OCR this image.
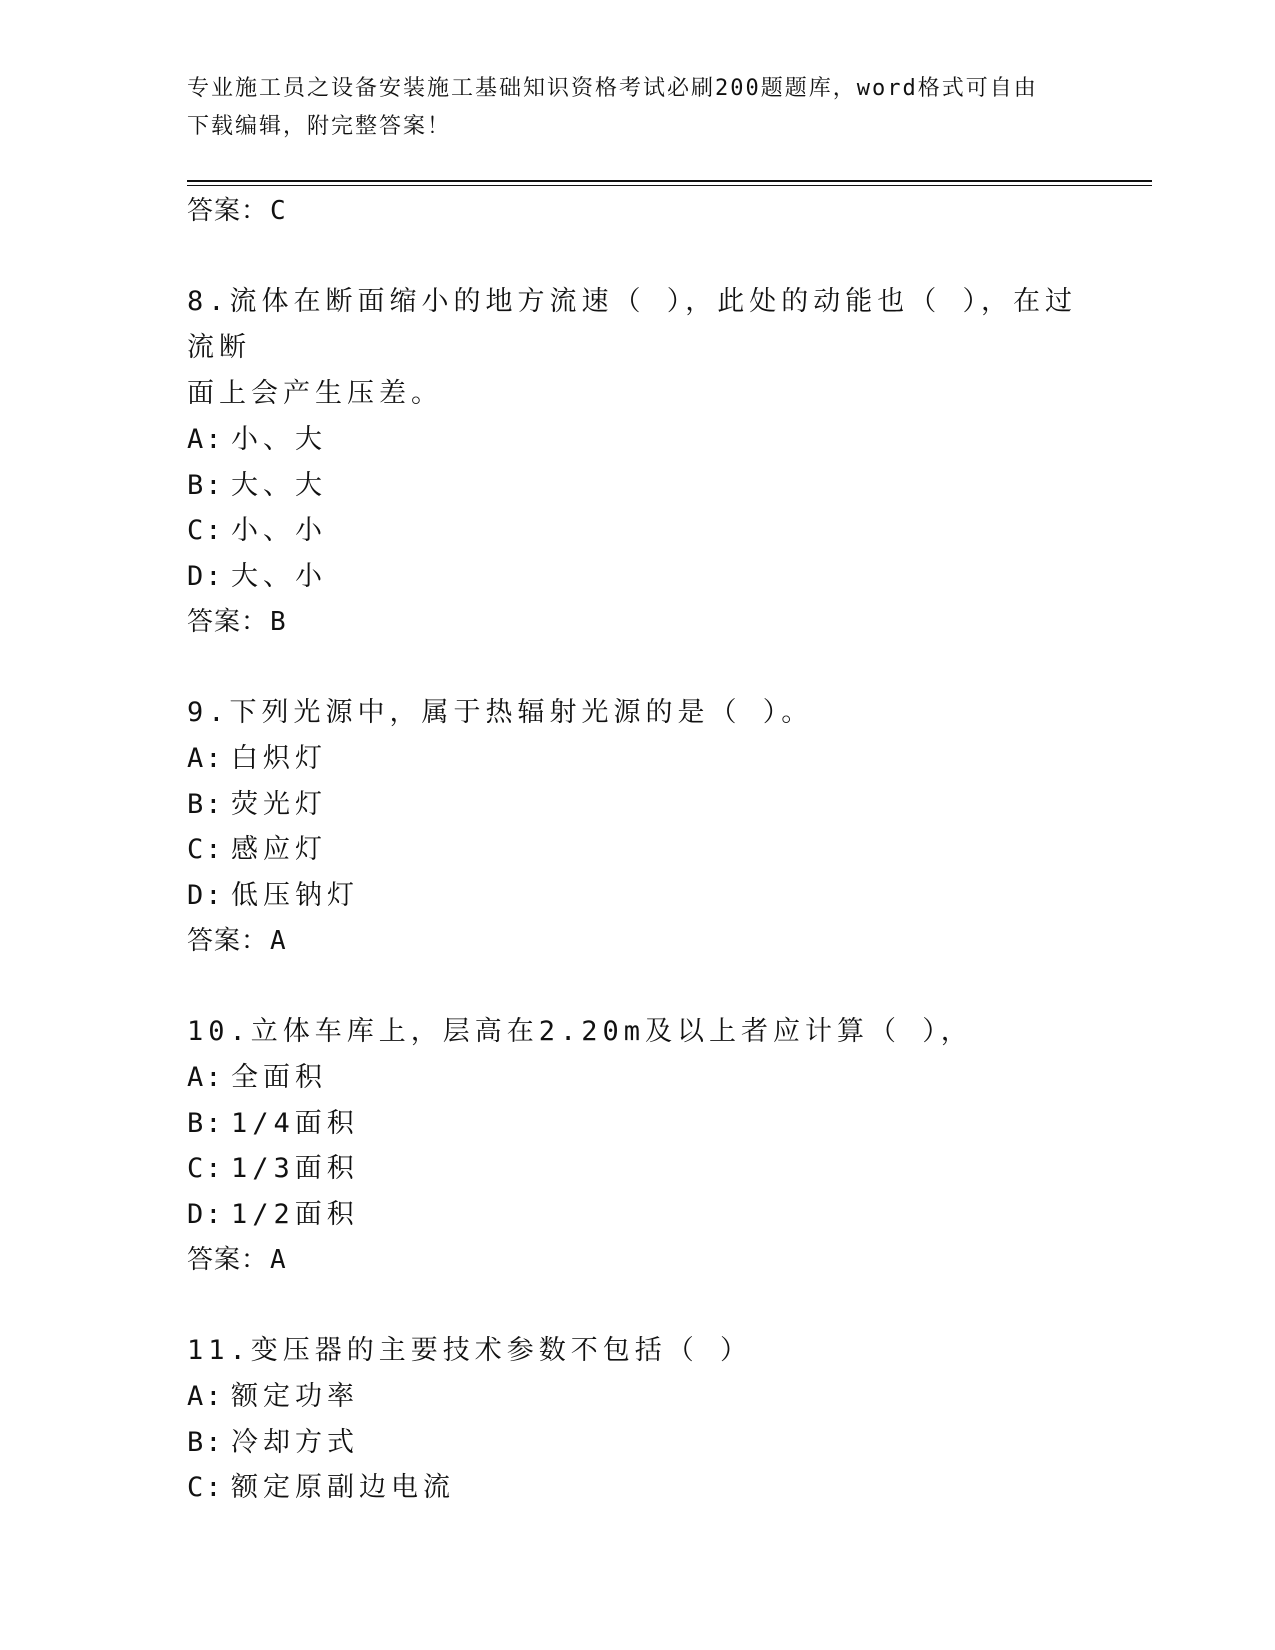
专业施工员之设备安装施工基础知识资格考试必刷200题题库，word格式可自由
下载编辑，附完整答案！
答案：C
8.流体在断面缩小的地方流速（ ），此处的动能也（ ），在过流断
面上会产生压差。
A: 小、大
B: 大、大
C: 小、小
D: 大、小
答案：B
9.下列光源中，属于热辐射光源的是（ ）。
A: 白炽灯
B: 荧光灯
C: 感应灯
D: 低压钠灯
答案：A
10.立体车库上，层高在2.20m及以上者应计算（ ），
A: 全面积
B: 1/4面积
C: 1/3面积
D: 1/2面积
答案：A
11.变压器的主要技术参数不包括（ ）
A: 额定功率
B: 冷却方式
C: 额定原副边电流
